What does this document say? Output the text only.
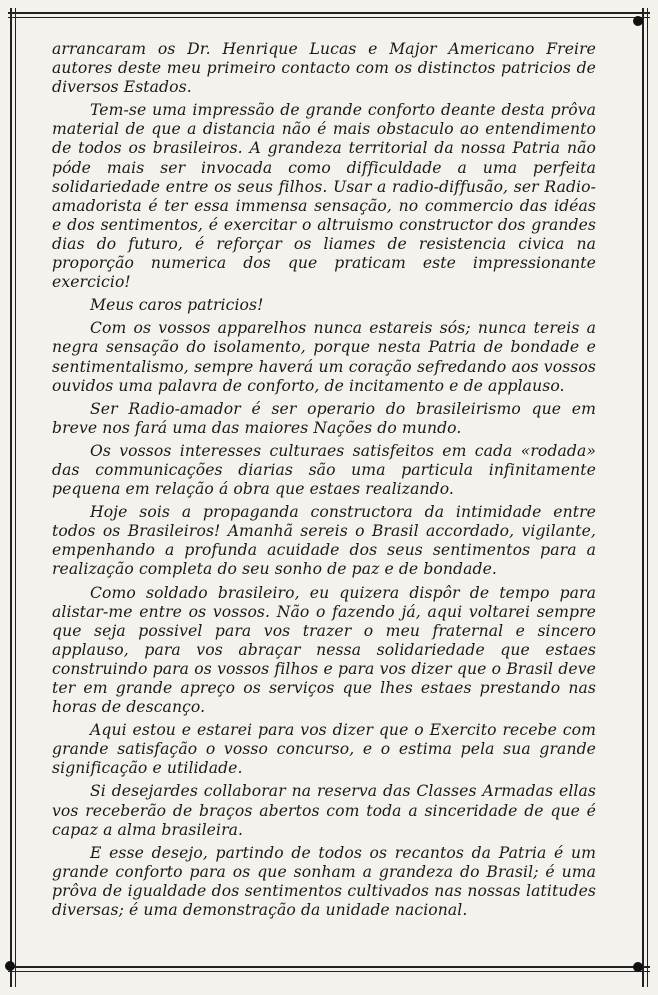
arrancaram os Dr. Henrique Lucas e Major Americano Freire autores deste meu primeiro contacto com os distinctos patricios de diversos Estados.

Tem-se uma impressão de grande conforto deante desta prôva material de que a distancia não é mais obstaculo ao entendimento de todos os brasileiros. A grandeza territorial da nossa Patria não póde mais ser invocada como difficuldade a uma perfeita solidariedade entre os seus filhos. Usar a radio-diffusão, ser Radio-amadorista é ter essa immensa sensação, no commercio das idéas e dos sentimentos, é exercitar o altruismo constructor dos grandes dias do futuro, é reforçar os liames de resistencia civica na proporção numerica dos que praticam este impressionante exercicio!

Meus caros patricios!

Com os vossos apparelhos nunca estareis sós; nunca tereis a negra sensação do isolamento, porque nesta Patria de bondade e sentimentalismo, sempre haverá um coração sefredando aos vossos ouvidos uma palavra de conforto, de incitamento e de applauso.

Ser Radio-amador é ser operario do brasileirismo que em breve nos fará uma das maiores Nações do mundo.

Os vossos interesses culturaes satisfeitos em cada «rodada» das communicações diarias são uma particula infinitamente pequena em relação á obra que estaes realizando.

Hoje sois a propaganda constructora da intimidade entre todos os Brasileiros! Amanhã sereis o Brasil accordado, vigilante, empenhando a profunda acuidade dos seus sentimentos para a realização completa do seu sonho de paz e de bondade.

Como soldado brasileiro, eu quizera dispôr de tempo para alistar-me entre os vossos. Não o fazendo já, aqui voltarei sempre que seja possivel para vos trazer o meu fraternal e sincero applauso, para vos abraçar nessa solidariedade que estaes construindo para os vossos filhos e para vos dizer que o Brasil deve ter em grande apreço os serviços que lhes estaes prestando nas horas de descanço.

Aqui estou e estarei para vos dizer que o Exercito recebe com grande satisfação o vosso concurso, e o estima pela sua grande significação e utilidade.

Si desejardes collaborar na reserva das Classes Armadas ellas vos receberão de braços abertos com toda a sinceridade de que é capaz a alma brasileira.

E esse desejo, partindo de todos os recantos da Patria é um grande conforto para os que sonham a grandeza do Brasil; é uma prôva de igualdade dos sentimentos cultivados nas nossas latitudes diversas; é uma demonstração da unidade nacional.
